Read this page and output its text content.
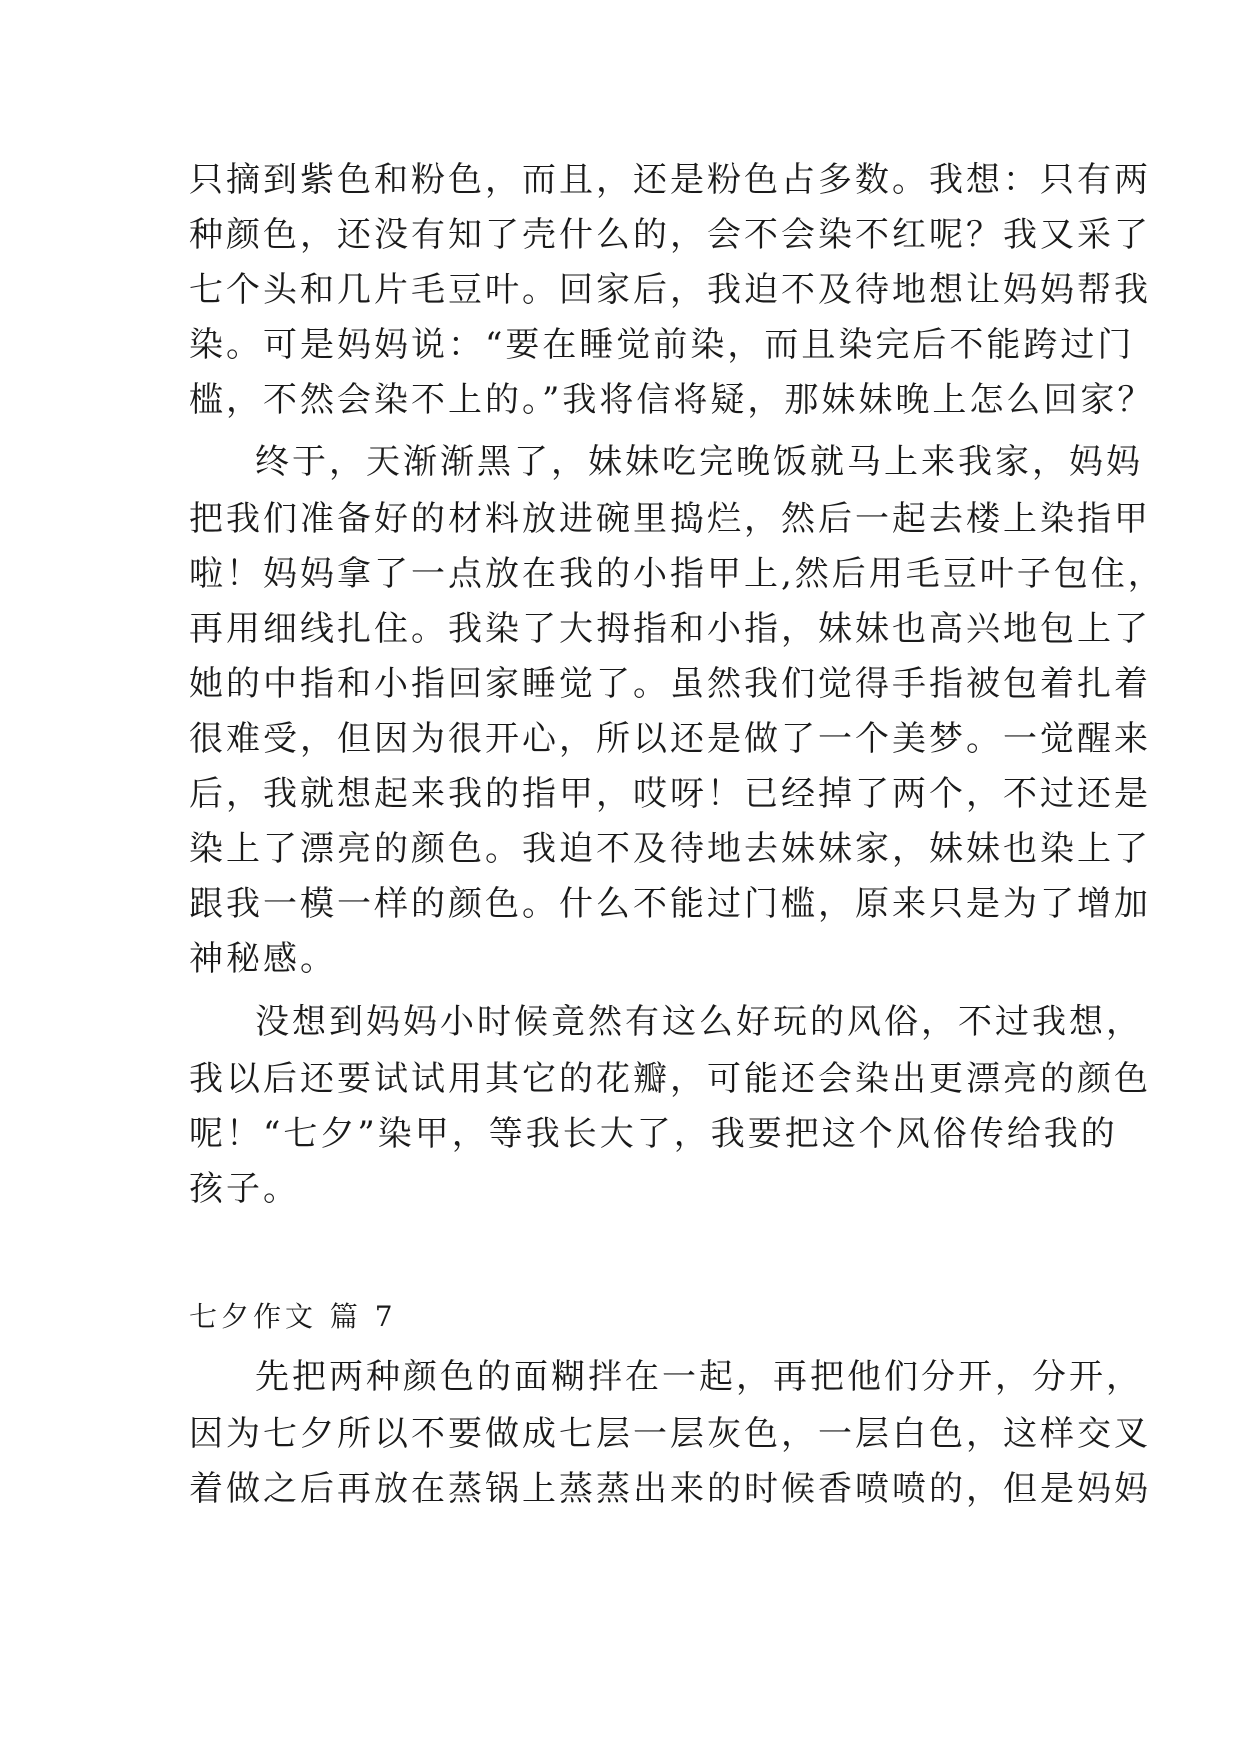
只摘到紫色和粉色，而且，还是粉色占多数。我想：只有两
种颜色，还没有知了壳什么的，会不会染不红呢？我又采了
七个头和几片毛豆叶。回家后，我迫不及待地想让妈妈帮我
染。可是妈妈说：“要在睡觉前染，而且染完后不能跨过门
槛，不然会染不上的。”我将信将疑，那妹妹晚上怎么回家？
终于，天渐渐黑了，妹妹吃完晚饭就马上来我家，妈妈
把我们准备好的材料放进碗里捣烂，然后一起去楼上染指甲
啦！妈妈拿了一点放在我的小指甲上,然后用毛豆叶子包住，
再用细线扎住。我染了大拇指和小指，妹妹也高兴地包上了
她的中指和小指回家睡觉了。虽然我们觉得手指被包着扎着
很难受，但因为很开心，所以还是做了一个美梦。一觉醒来
后，我就想起来我的指甲，哎呀！已经掉了两个，不过还是
染上了漂亮的颜色。我迫不及待地去妹妹家，妹妹也染上了
跟我一模一样的颜色。什么不能过门槛，原来只是为了增加
神秘感。
没想到妈妈小时候竟然有这么好玩的风俗，不过我想，
我以后还要试试用其它的花瓣，可能还会染出更漂亮的颜色
呢！“七夕”染甲，等我长大了，我要把这个风俗传给我的
孩子。
七夕作文 篇 7
先把两种颜色的面糊拌在一起，再把他们分开，分开，
因为七夕所以不要做成七层一层灰色，一层白色，这样交叉
着做之后再放在蒸锅上蒸蒸出来的时候香喷喷的，但是妈妈
